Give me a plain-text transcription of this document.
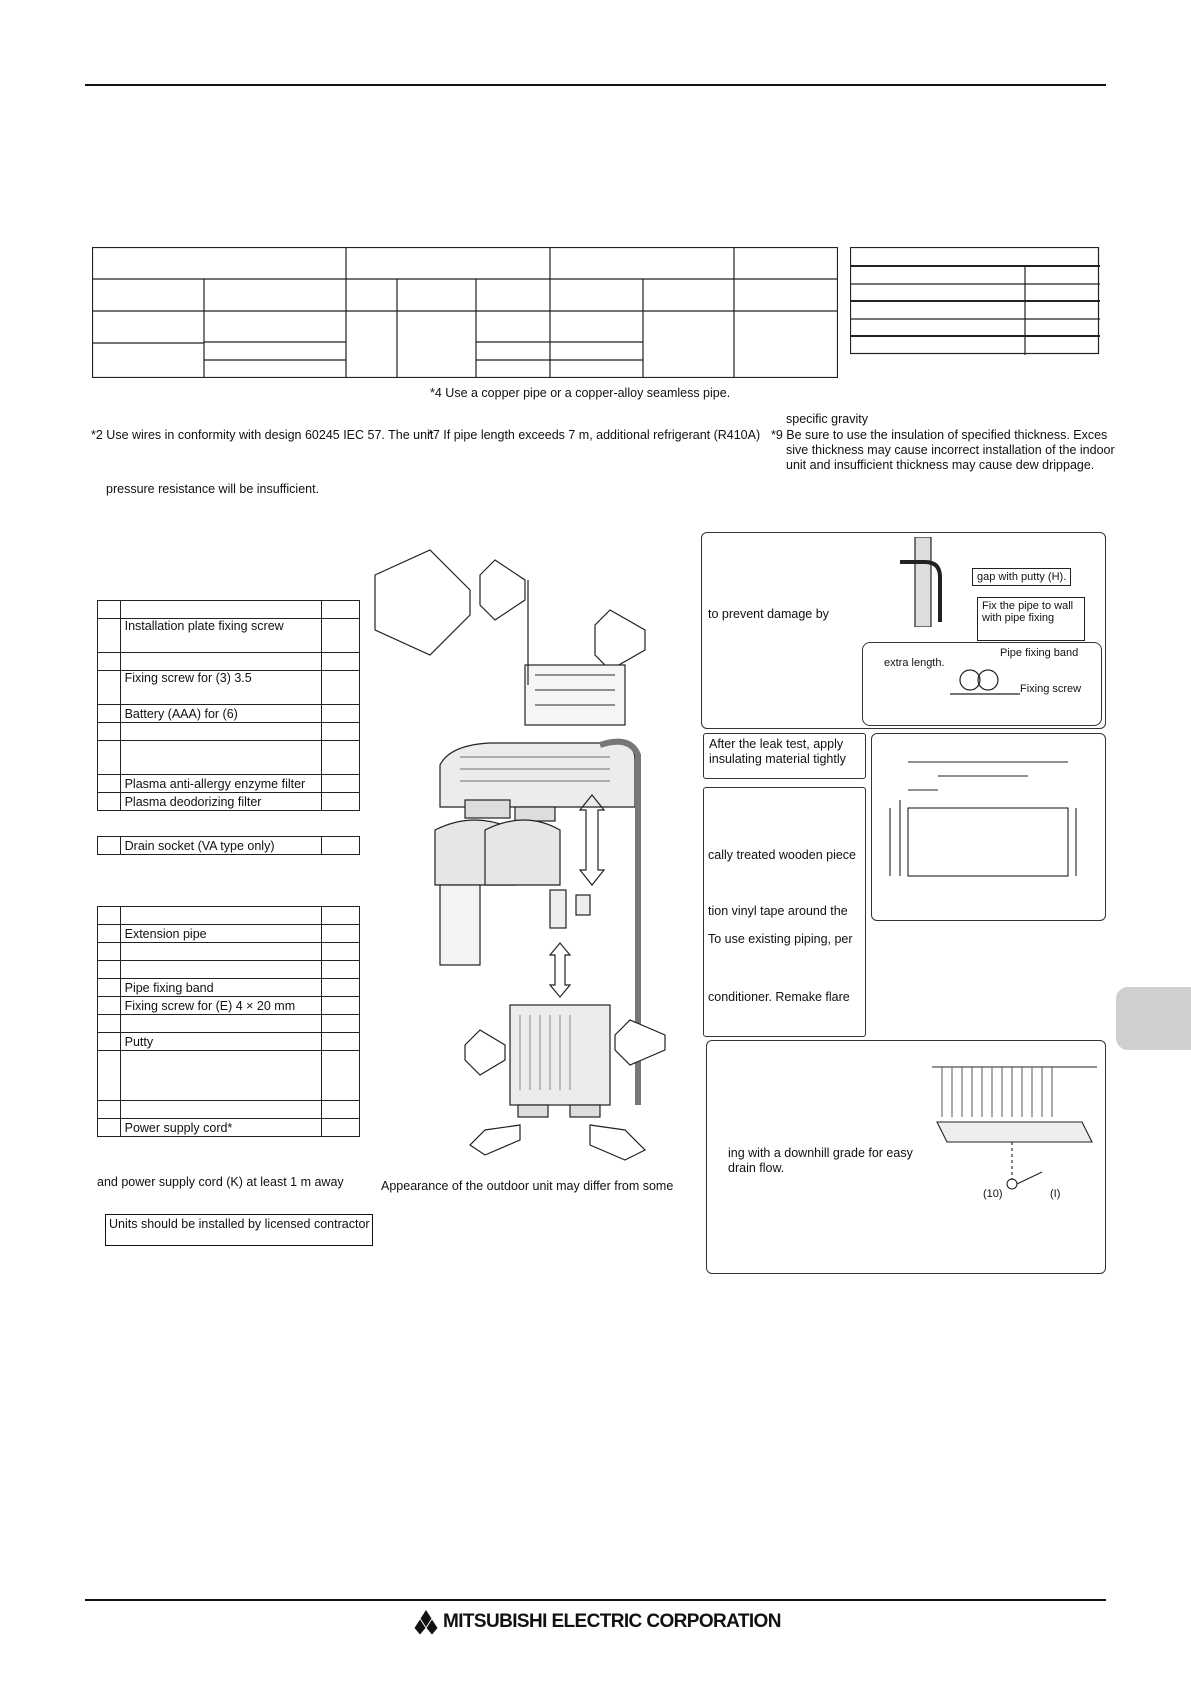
*4 Use a copper pipe or a copper-alloy seamless pipe.
specific gravity
*2 Use wires in conformity with design 60245 IEC 57. The unit
*7 If pipe length exceeds 7 m, additional refrigerant (R410A) *9 Be sure to use the insulation of specified thickness. Exces
sive thickness may cause incorrect installation of the indoor
unit and insufficient thickness may cause dew drippage.
pressure resistance will be insufficient.

	Installation plate fixing screw	

	Fixing screw for (3) 3.5	
	Battery (AAA) for (6)	

	Plasma anti-allergy enzyme filter	
	Plasma deodorizing filter	
	Drain socket (VA type only)	

	Extension pipe	

	Pipe fixing band	
	Fixing screw for (E) 4 × 20 mm	

	Putty	

	Power supply cord*	
and power supply cord (K) at least 1 m away
Units should be installed by licensed contractor
Appearance of the outdoor unit may differ from some
gap with putty (H).
Fix the pipe to wall
with pipe fixing
to prevent damage by
Pipe fixing band
extra length.
Fixing screw
After the leak test, apply
insulating material tightly
cally treated wooden piece
tion vinyl tape around the
To use existing piping, per
conditioner. Remake flare
ing with a downhill grade for easy
drain flow.
(10)	(I)
MITSUBISHI ELECTRIC CORPORATION
